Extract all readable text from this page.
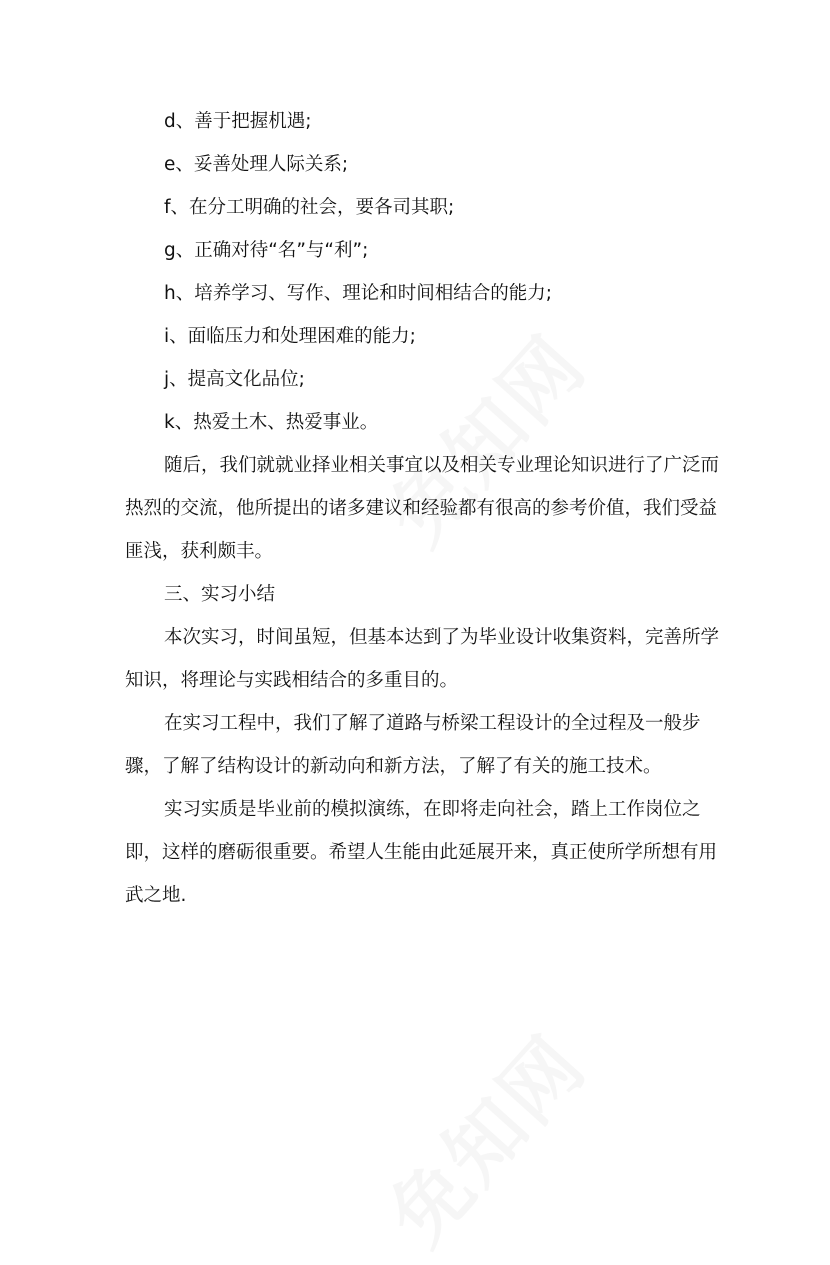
d、善于把握机遇;
e、妥善处理人际关系;
f、在分工明确的社会，要各司其职;
g、正确对待“名”与“利”;
h、培养学习、写作、理论和时间相结合的能力;
i、面临压力和处理困难的能力;
j、提高文化品位;
k、热爱土木、热爱事业。

随后，我们就就业择业相关事宜以及相关专业理论知识进行了广泛而热烈的交流，他所提出的诸多建议和经验都有很高的参考价值，我们受益匪浅，获利颇丰。

三、实习小结

本次实习，时间虽短，但基本达到了为毕业设计收集资料，完善所学知识，将理论与实践相结合的多重目的。

在实习工程中，我们了解了道路与桥梁工程设计的全过程及一般步骤，了解了结构设计的新动向和新方法，了解了有关的施工技术。

实习实质是毕业前的模拟演练，在即将走向社会，踏上工作岗位之即，这样的磨砺很重要。希望人生能由此延展开来，真正使所学所想有用武之地.
